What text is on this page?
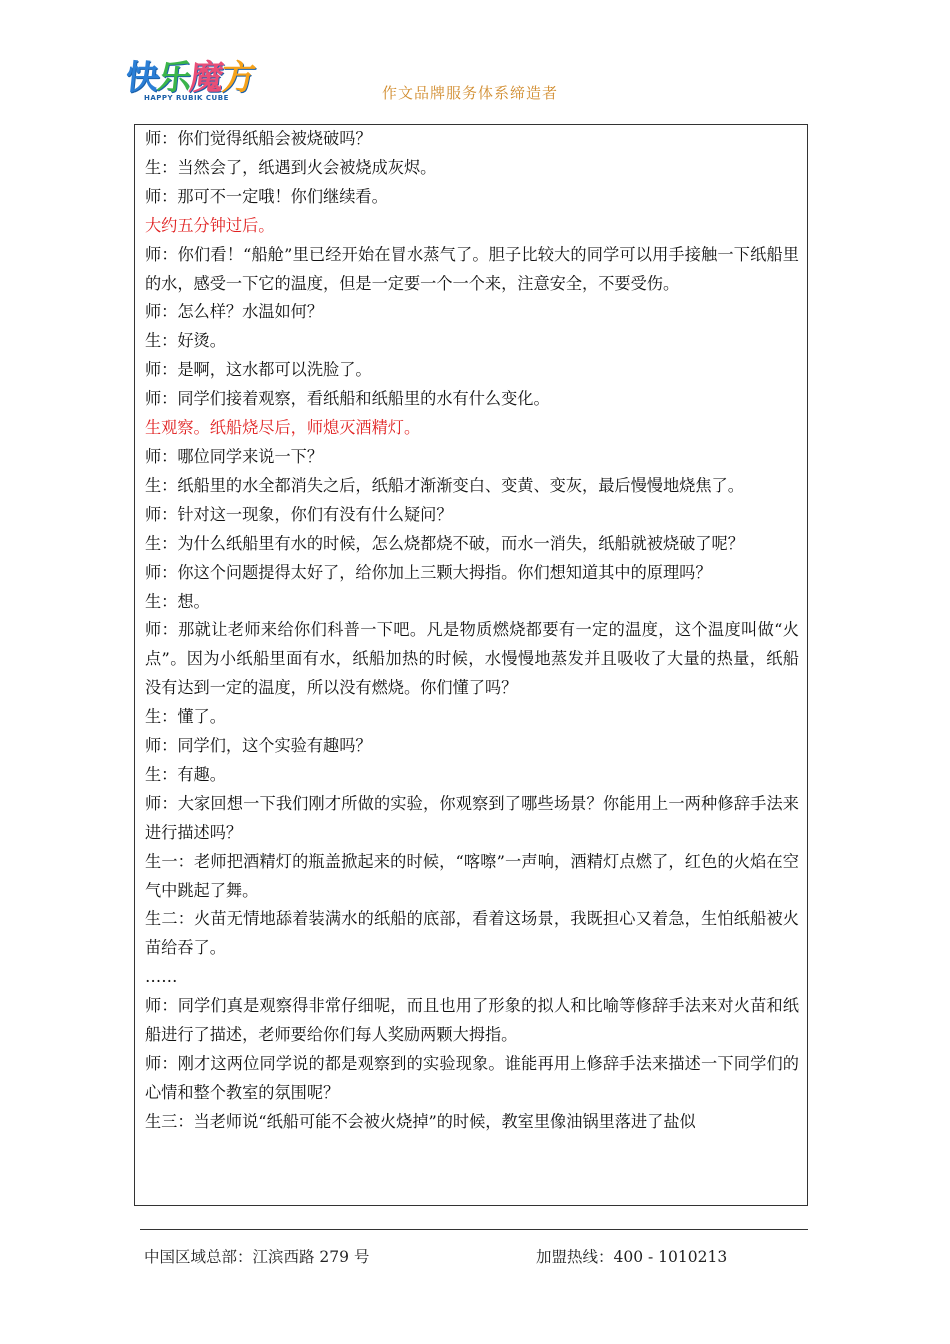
快乐魔方
HAPPY RUBIK CUBE	作文品牌服务体系缔造者

师：你们觉得纸船会被烧破吗？

生：当然会了，纸遇到火会被烧成灰烬。

师：那可不一定哦！你们继续看。

大约五分钟过后。

师：你们看！“船舱”里已经开始在冒水蒸气了。胆子比较大的同学可以用手接触一下纸船里的水，感受一下它的温度，但是一定要一个一个来，注意安全，不要受伤。

师：怎么样？水温如何？

生：好烫。

师：是啊，这水都可以洗脸了。

师：同学们接着观察，看纸船和纸船里的水有什么变化。

生观察。纸船烧尽后，师熄灭酒精灯。

师：哪位同学来说一下？

生：纸船里的水全都消失之后，纸船才渐渐变白、变黄、变灰，最后慢慢地烧焦了。

师：针对这一现象，你们有没有什么疑问？

生：为什么纸船里有水的时候，怎么烧都烧不破，而水一消失，纸船就被烧破了呢？

师：你这个问题提得太好了，给你加上三颗大拇指。你们想知道其中的原理吗？

生：想。

师：那就让老师来给你们科普一下吧。凡是物质燃烧都要有一定的温度，这个温度叫做“火点”。因为小纸船里面有水，纸船加热的时候，水慢慢地蒸发并且吸收了大量的热量，纸船没有达到一定的温度，所以没有燃烧。你们懂了吗？

生：懂了。

师：同学们，这个实验有趣吗？

生：有趣。

师：大家回想一下我们刚才所做的实验，你观察到了哪些场景？你能用上一两种修辞手法来进行描述吗？

生一：老师把酒精灯的瓶盖掀起来的时候，“喀嚓”一声响，酒精灯点燃了，红色的火焰在空气中跳起了舞。

生二：火苗无情地舔着装满水的纸船的底部，看着这场景，我既担心又着急，生怕纸船被火苗给吞了。

……

师：同学们真是观察得非常仔细呢，而且也用了形象的拟人和比喻等修辞手法来对火苗和纸船进行了描述，老师要给你们每人奖励两颗大拇指。

师：刚才这两位同学说的都是观察到的实验现象。谁能再用上修辞手法来描述一下同学们的心情和整个教室的氛围呢？

生三：当老师说“纸船可能不会被火烧掉”的时候，教室里像油锅里落进了盐似

中国区域总部：江滨西路 279 号	加盟热线：400 - 1010213
